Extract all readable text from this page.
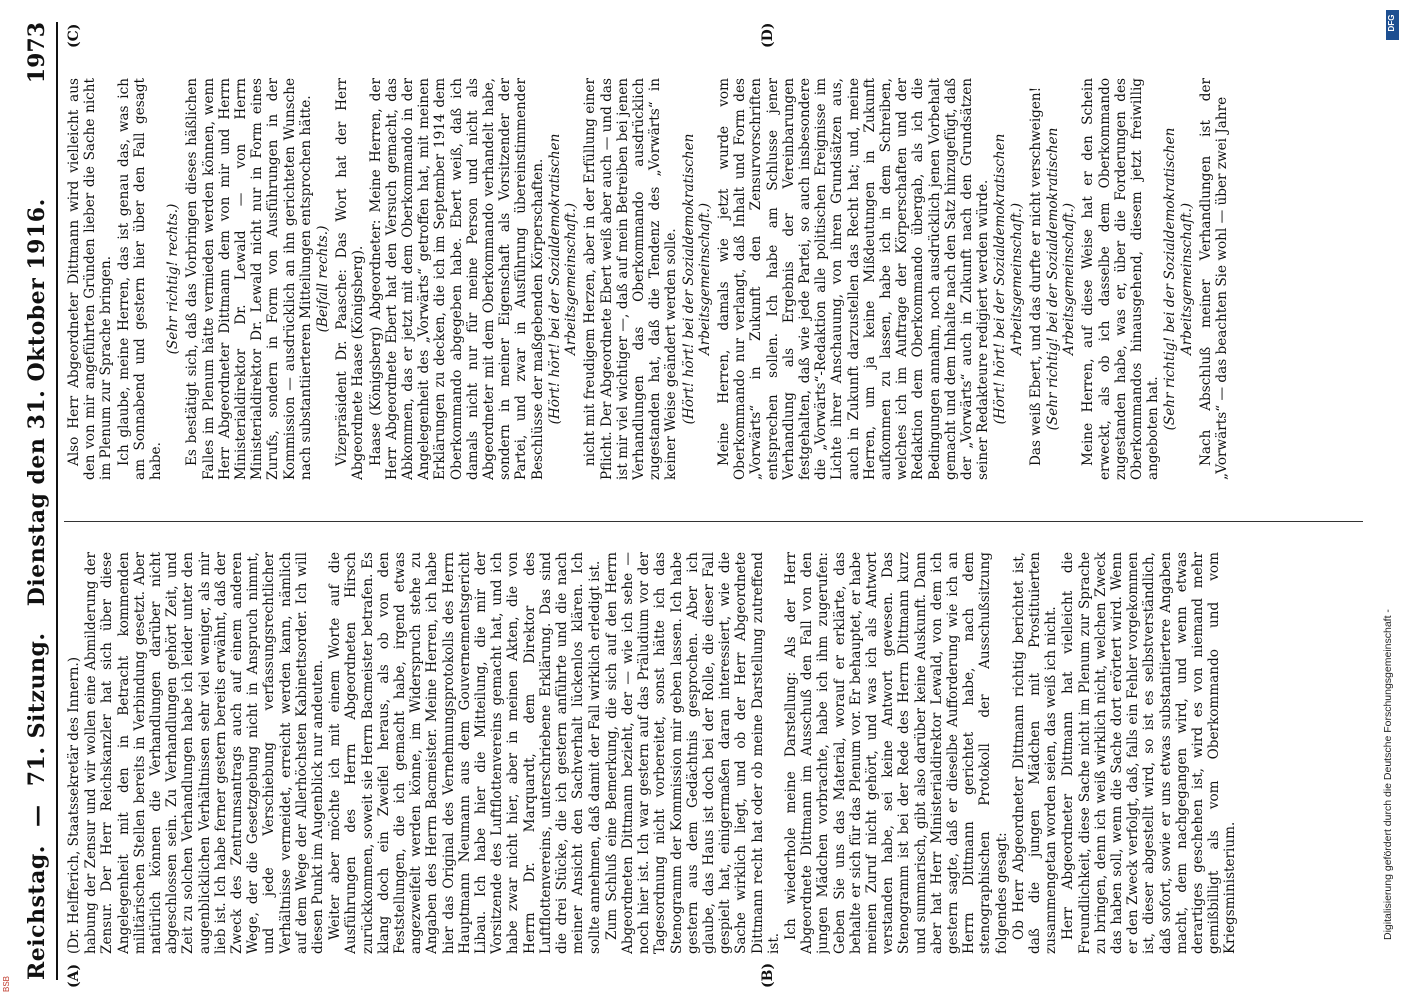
Reichstag. — 71. Sitzung. Dienstag den 31. Oktober 1916.
1973
(A)	(B)
(C)	(D)

(Dr. Helfferich, Staatssekretär des Innern.) habung der Zensur und wir wollen eine Abmilderung der Zensur. Der Herr Reichskanzler hat sich über diese Angelegenheit mit den in Betracht kommenden militärischen Stellen bereits in Verbindung gesetzt. Aber natürlich können die Verhandlungen darüber nicht abgeschlossen sein. Zu Verhandlungen gehört Zeit, und Zeit zu solchen Verhandlungen habe ich leider unter den augenblicklichen Verhältnissen sehr viel weniger, als mir lieb ist. Ich habe ferner gestern bereits erwähnt, daß der Zweck des Zentrumsantrags auch auf einem anderen Wege, der die Gesetzgebung nicht in Anspruch nimmt, und jede Verschiebung verfassungsrechtlicher Verhältnisse vermeidet, erreicht werden kann, nämlich auf dem Wege der Allerhöchsten Kabinettsorder. Ich will diesen Punkt im Augenblick nur andeuten. Weiter aber möchte ich mit einem Worte auf die Ausführungen des Herrn Abgeordneten Hirsch zurückkommen, soweit sie Herrn Bacmeister betrafen. Es klang doch ein Zweifel heraus, als ob von den Feststellungen, die ich gemacht habe, irgend etwas angezweifelt werden könne, im Widerspruch stehe zu Angaben des Herrn Bacmeister. Meine Herren, ich habe hier das Original des Vernehmungsprotokolls des Herrn Hauptmann Neumann aus dem Gouvernementsgericht Libau. Ich habe hier die Mitteilung, die mir der Vorsitzende des Luftflottenvereins gemacht hat, und ich habe zwar nicht hier, aber in meinen Akten, die von Herrn Dr. Marquardt, dem Direktor des Luftflottenvereins, unterschriebene Erklärung. Das sind die drei Stücke, die ich gestern anführte und die nach meiner Ansicht den Sachverhalt lückenlos klären. Ich sollte annehmen, daß damit der Fall wirklich erledigt ist. Zum Schluß eine Bemerkung, die sich auf den Herrn Abgeordneten Dittmann bezieht, der — wie ich sehe — noch hier ist. Ich war gestern auf das Präludium vor der Tagesordnung nicht vorbereitet, sonst hätte ich das Stenogramm der Kommission mir geben lassen. Ich habe gestern aus dem Gedächtnis gesprochen. Aber ich glaube, das Haus ist doch bei der Rolle, die dieser Fall gespielt hat, einigermaßen daran interessiert, wie die Sache wirklich liegt, und ob der Herr Abgeordnete Dittmann recht hat oder ob meine Darstellung zutreffend ist.

Ich wiederhole meine Darstellung: Als der Herr Abgeordnete Dittmann im Ausschuß den Fall von den jungen Mädchen vorbrachte, habe ich ihm zugerufen: Geben Sie uns das Material, worauf er erklärte, das behalte er sich für das Plenum vor. Er behauptet, er habe meinen Zuruf nicht gehört, und was ich als Antwort verstanden habe, sei keine Antwort gewesen. Das Stenogramm ist bei der Rede des Herrn Dittmann kurz und summarisch, gibt also darüber keine Auskunft. Dann aber hat Herr Ministerialdirektor Lewald, von dem ich gestern sagte, daß er dieselbe Aufforderung wie ich an Herrn Dittmann gerichtet habe, nach dem stenographischen Protokoll der Ausschußsitzung folgendes gesagt: Ob Herr Abgeordneter Dittmann richtig berichtet ist, daß die jungen Mädchen mit Prostituierten zusammengetan worden seien, das weiß ich nicht. Herr Abgeordneter Dittmann hat vielleicht die Freundlichkeit, diese Sache nicht im Plenum zur Sprache zu bringen, denn ich weiß wirklich nicht, welchen Zweck das haben soll, wenn die Sache dort erörtert wird. Wenn er den Zweck verfolgt, daß, falls ein Fehler vorgekommen ist, dieser abgestellt wird, so ist es selbstverständlich, daß sofort, sowie er uns etwas substantiiertere Angaben macht, dem nachgegangen wird, und wenn etwas derartiges geschehen ist, wird es von niemand mehr gemißbilligt als vom Oberkommando und vom Kriegsministerium.

Also Herr Abgeordneter Dittmann wird vielleicht aus den von mir angeführten Gründen lieber die Sache nicht im Plenum zur Sprache bringen. Ich glaube, meine Herren, das ist genau das, was ich am Sonnabend und gestern hier über den Fall gesagt habe.

(Sehr richtig! rechts.) Es bestätigt sich, daß das Vorbringen dieses häßlichen Falles im Plenum hätte vermieden werden können, wenn Herr Abgeordneter Dittmann dem von mir und Herrn Ministerialdirektor Dr. Lewald — von Herrn Ministerialdirektor Dr. Lewald nicht nur in Form eines Zurufs, sondern in Form von Ausführungen in der Kommission — ausdrücklich an ihn gerichteten Wunsche nach substantiierteren Mitteilungen entsprochen hätte. (Beifall rechts.) Vizepräsident Dr. Paasche: Das Wort hat der Herr Abgeordnete Haase (Königsberg). Haase (Königsberg) Abgeordneter: Meine Herren, der Herr Abgeordnete Ebert hat den Versuch gemacht, das Abkommen, das er jetzt mit dem Oberkommando in der Angelegenheit des „Vorwärts“ getroffen hat, mit meinen Erklärungen zu decken, die ich im September 1914 dem Oberkommando abgegeben habe. Ebert weiß, daß ich damals nicht nur für meine Person und nicht als Abgeordneter mit dem Oberkommando verhandelt habe, sondern in meiner Eigenschaft als Vorsitzender der Partei, und zwar in Ausführung übereinstimmender Beschlüsse der maßgebenden Körperschaften. (Hört! hört! bei der Sozialdemokratischen Arbeitsgemeinschaft.) nicht mit freudigem Herzen, aber in der Erfüllung einer Pflicht. Der Abgeordnete Ebert weiß aber auch — und das ist mir viel wichtiger —, daß auf mein Betreiben bei jenen Verhandlungen das Oberkommando ausdrücklich zugestanden hat, daß die Tendenz des „Vorwärts“ in keiner Weise geändert werden solle. (Hört! hört! bei der Sozialdemokratischen Arbeitsgemeinschaft.) Meine Herren, damals wie jetzt wurde vom Oberkommando nur verlangt, daß Inhalt und Form des „Vorwärts“ in Zukunft den Zensurvorschriften entsprechen sollen. Ich habe am Schlusse jener Verhandlung als Ergebnis der Vereinbarungen festgehalten, daß wie jede Partei, so auch insbesondere die „Vorwärts“-Redaktion alle politischen Ereignisse im Lichte ihrer Anschauung, von ihren Grundsätzen aus, auch in Zukunft darzustellen das Recht hat; und, meine Herren, um ja keine Mißdeutungen in Zukunft aufkommen zu lassen, habe ich in dem Schreiben, welches ich im Auftrage der Körperschaften und der Redaktion dem Oberkommando übergab, als ich die Bedingungen annahm, noch ausdrücklich jenen Vorbehalt gemacht und dem Inhalte nach den Satz hinzugefügt, daß der „Vorwärts“ auch in Zukunft nach den Grundsätzen seiner Redakteure redigiert werden würde. (Hört! hört! bei der Sozialdemokratischen Arbeitsgemeinschaft.) Das weiß Ebert, und das durfte er nicht verschweigen! (Sehr richtig! bei der Sozialdemokratischen Arbeitsgemeinschaft.) Meine Herren, auf diese Weise hat er den Schein erweckt, als ob ich dasselbe dem Oberkommando zugestanden habe, was er, über die Forderungen des Oberkommandos hinausgehend, diesem jetzt freiwillig angeboten hat. (Sehr richtig! bei der Sozialdemokratischen Arbeitsgemeinschaft.) Nach Abschluß meiner Verhandlungen ist der „Vorwärts“ — das beachten Sie wohl — über zwei Jahre

DFG
Digitalisierung gefördert durch die Deutsche Forschungsgemeinschaft -
BSB
